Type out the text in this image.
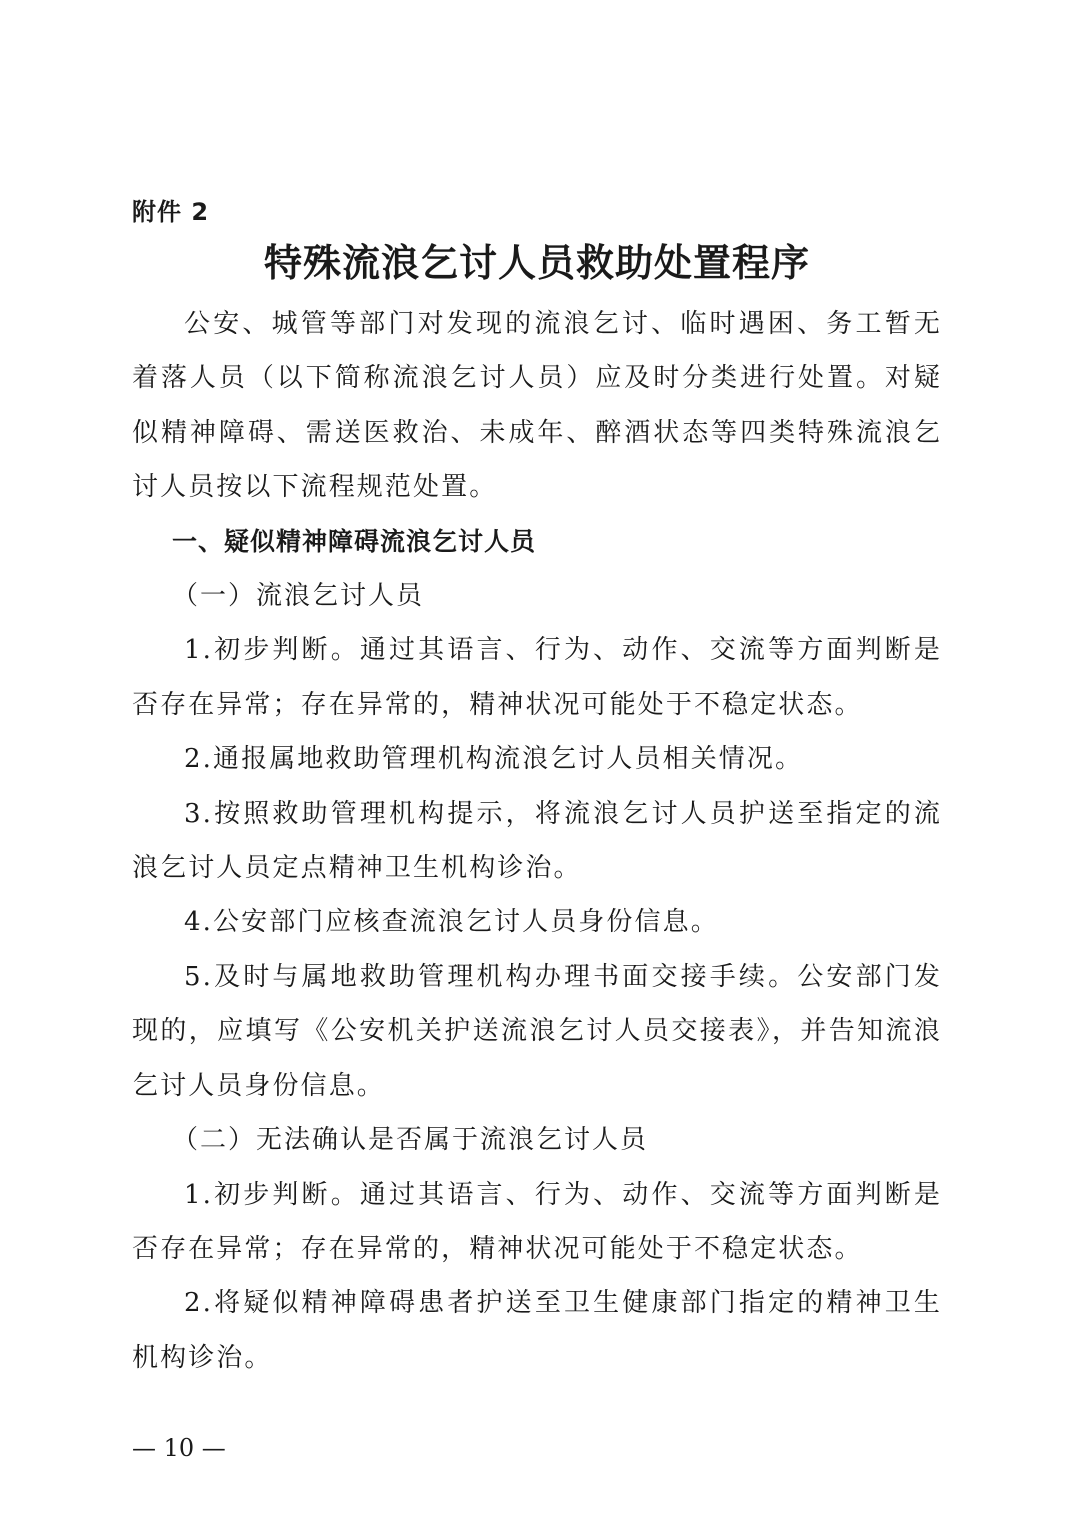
附件 2
特殊流浪乞讨人员救助处置程序

公安、城管等部门对发现的流浪乞讨、临时遇困、务工暂无着落人员（以下简称流浪乞讨人员）应及时分类进行处置。对疑似精神障碍、需送医救治、未成年、醉酒状态等四类特殊流浪乞讨人员按以下流程规范处置。

一、疑似精神障碍流浪乞讨人员

（一）流浪乞讨人员

1.初步判断。通过其语言、行为、动作、交流等方面判断是否存在异常；存在异常的，精神状况可能处于不稳定状态。

2.通报属地救助管理机构流浪乞讨人员相关情况。

3.按照救助管理机构提示，将流浪乞讨人员护送至指定的流浪乞讨人员定点精神卫生机构诊治。

4.公安部门应核查流浪乞讨人员身份信息。

5.及时与属地救助管理机构办理书面交接手续。公安部门发现的，应填写《公安机关护送流浪乞讨人员交接表》，并告知流浪乞讨人员身份信息。

（二）无法确认是否属于流浪乞讨人员

1.初步判断。通过其语言、行为、动作、交流等方面判断是否存在异常；存在异常的，精神状况可能处于不稳定状态。

2.将疑似精神障碍患者护送至卫生健康部门指定的精神卫生机构诊治。

— 10 —
